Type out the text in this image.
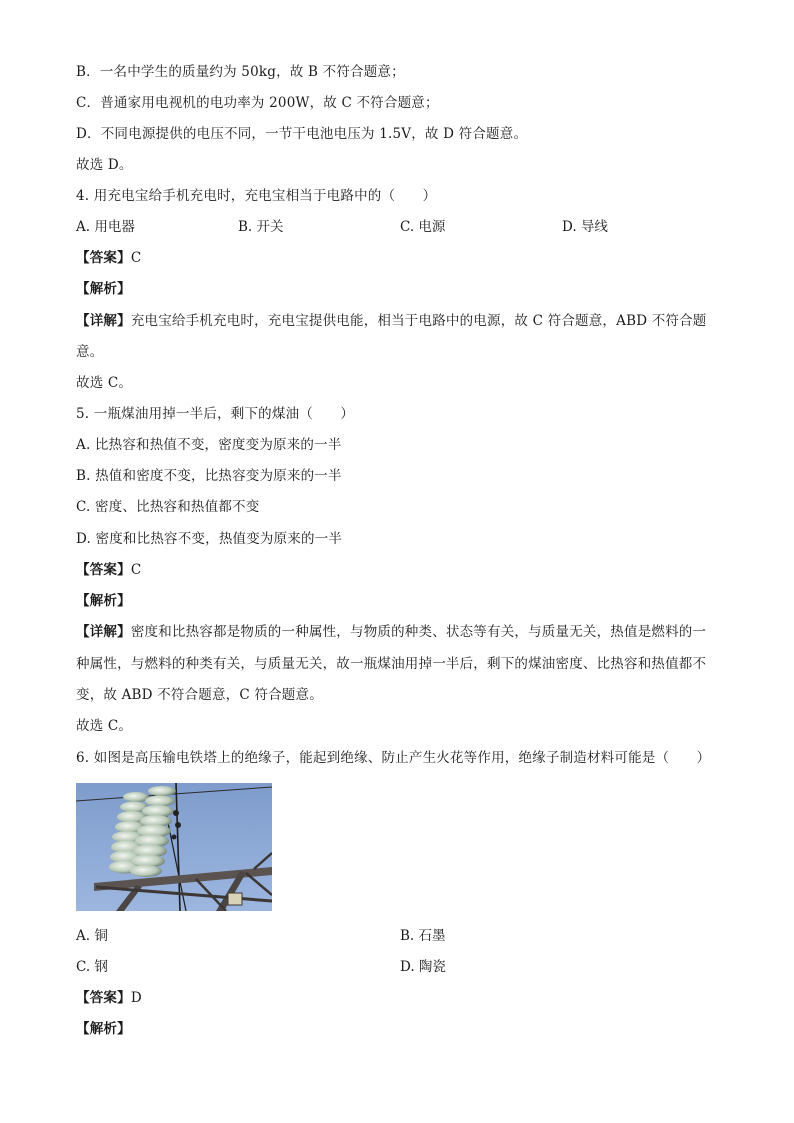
B．一名中学生的质量约为 50kg，故 B 不符合题意；
C．普通家用电视机的电功率为 200W，故 C 不符合题意；
D．不同电源提供的电压不同，一节干电池电压为 1.5V，故 D 符合题意。
故选 D。
4. 用充电宝给手机充电时，充电宝相当于电路中的（　　）
A. 用电器	B. 开关	C. 电源	D. 导线
【答案】C
【解析】
【详解】充电宝给手机充电时，充电宝提供电能，相当于电路中的电源，故 C 符合题意，ABD 不符合题
意。
故选 C。
5. 一瓶煤油用掉一半后，剩下的煤油（　　）
A. 比热容和热值不变，密度变为原来的一半
B. 热值和密度不变，比热容变为原来的一半
C. 密度、比热容和热值都不变
D. 密度和比热容不变，热值变为原来的一半
【答案】C
【解析】
【详解】密度和比热容都是物质的一种属性，与物质的种类、状态等有关，与质量无关，热值是燃料的一
种属性，与燃料的种类有关，与质量无关，故一瓶煤油用掉一半后，剩下的煤油密度、比热容和热值都不
变，故 ABD 不符合题意，C 符合题意。
故选 C。
6. 如图是高压输电铁塔上的绝缘子，能起到绝缘、防止产生火花等作用，绝缘子制造材料可能是（　　）
A. 铜	B. 石墨
C. 钢	D. 陶瓷
【答案】D
【解析】
